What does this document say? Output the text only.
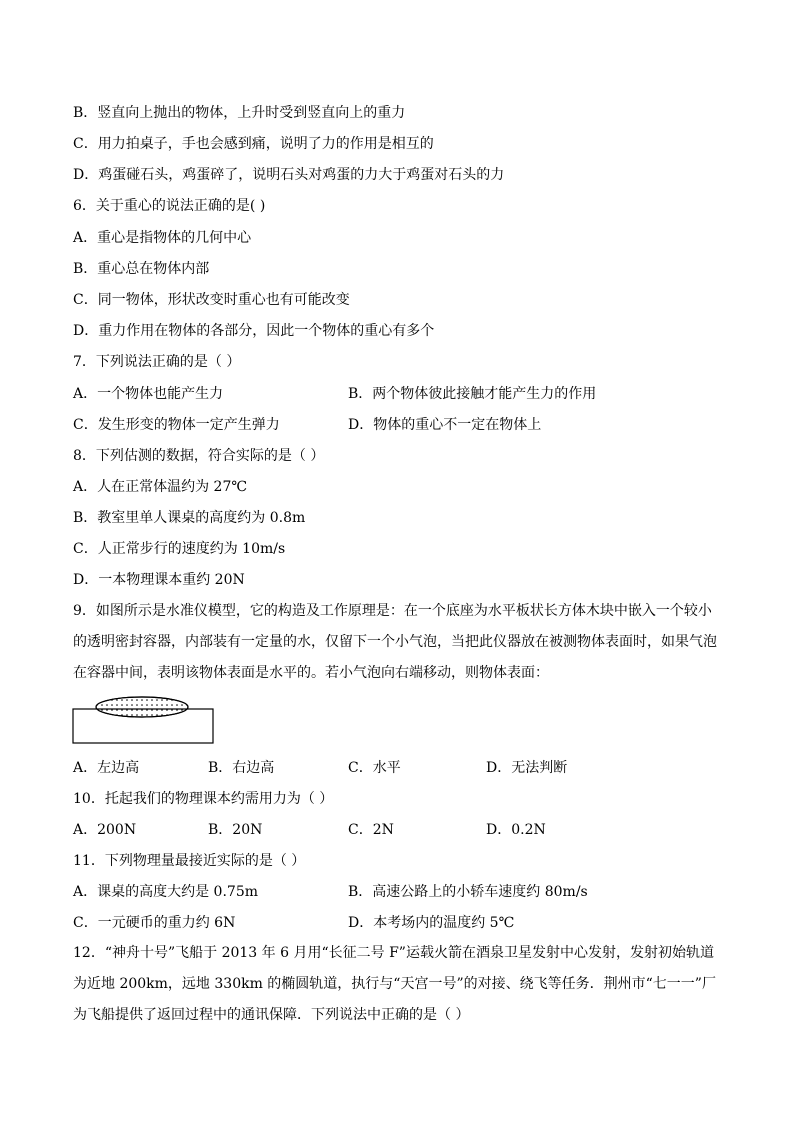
B．竖直向上抛出的物体，上升时受到竖直向上的重力
C．用力拍桌子，手也会感到痛，说明了力的作用是相互的
D．鸡蛋碰石头，鸡蛋碎了，说明石头对鸡蛋的力大于鸡蛋对石头的力
6．关于重心的说法正确的是( )
A．重心是指物体的几何中心
B．重心总在物体内部
C．同一物体，形状改变时重心也有可能改变
D．重力作用在物体的各部分，因此一个物体的重心有多个
7．下列说法正确的是（ ）
A．一个物体也能产生力	B．两个物体彼此接触才能产生力的作用
C．发生形变的物体一定产生弹力	D．物体的重心不一定在物体上
8．下列估测的数据，符合实际的是（ ）
A．人在正常体温约为 27℃
B．教室里单人课桌的高度约为 0.8m
C．人正常步行的速度约为 10m/s
D．一本物理课本重约 20N
9．如图所示是水准仪模型，它的构造及工作原理是：在一个底座为水平板状长方体木块中嵌入一个较小的透明密封容器，内部装有一定量的水，仅留下一个小气泡，当把此仪器放在被测物体表面时，如果气泡在容器中间，表明该物体表面是水平的。若小气泡向右端移动，则物体表面：
A．左边高	B．右边高	C．水平	D．无法判断
10．托起我们的物理课本约需用力为（ ）
A．200N	B．20N	C．2N	D．0.2N
11．下列物理量最接近实际的是（ ）
A．课桌的高度大约是 0.75m	B．高速公路上的小轿车速度约 80m/s
C．一元硬币的重力约 6N	D．本考场内的温度约 5℃
12．“神舟十号”飞船于 2013 年 6 月用“长征二号 F”运载火箭在酒泉卫星发射中心发射，发射初始轨道为近地 200km，远地 330km 的椭圆轨道，执行与“天宫一号”的对接、绕飞等任务．荆州市“七一一”厂为飞船提供了返回过程中的通讯保障．下列说法中正确的是（ ）
